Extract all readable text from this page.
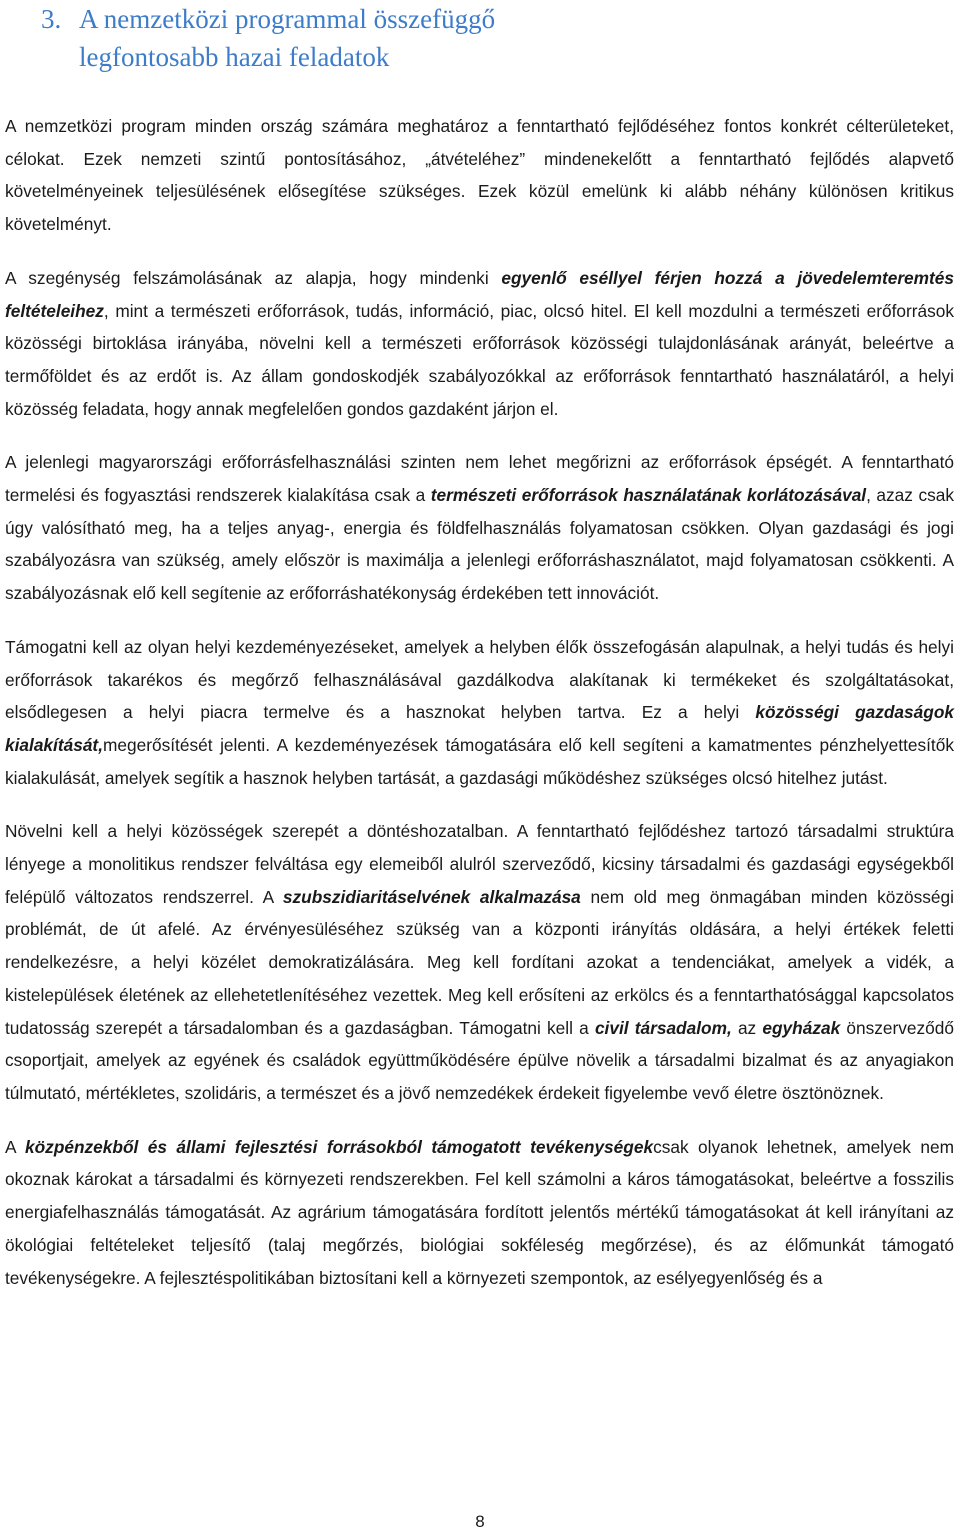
3. A nemzetközi programmal összefüggő
legfontosabb hazai feladatok

A nemzetközi program minden ország számára meghatároz a fenntartható fejlődéséhez fontos konkrét célterületeket, célokat. Ezek nemzeti szintű pontosításához, „átvételéhez” mindenekelőtt a fenntartható fejlődés alapvető követelményeinek teljesülésének elősegítése szükséges. Ezek közül emelünk ki alább néhány különösen kritikus követelményt.

A szegénység felszámolásának az alapja, hogy mindenki egyenlő eséllyel férjen hozzá a jövedelemteremtés feltételeihez, mint a természeti erőforrások, tudás, információ, piac, olcsó hitel. El kell mozdulni a természeti erőforrások közösségi birtoklása irányába, növelni kell a természeti erőforrások közösségi tulajdonlásának arányát, beleértve a termőföldet és az erdőt is. Az állam gondoskodjék szabályozókkal az erőforrások fenntartható használatáról, a helyi közösség feladata, hogy annak megfelelően gondos gazdaként járjon el.

A jelenlegi magyarországi erőforrásfelhasználási szinten nem lehet megőrizni az erőforrások épségét. A fenntartható termelési és fogyasztási rendszerek kialakítása csak a természeti erőforrások használatának korlátozásával, azaz csak úgy valósítható meg, ha a teljes anyag-, energia és földfelhasználás folyamatosan csökken. Olyan gazdasági és jogi szabályozásra van szükség, amely először is maximálja a jelenlegi erőforráshasználatot, majd folyamatosan csökkenti. A szabályozásnak elő kell segítenie az erőforráshatékonyság érdekében tett innovációt.

Támogatni kell az olyan helyi kezdeményezéseket, amelyek a helyben élők összefogásán alapulnak, a helyi tudás és helyi erőforrások takarékos és megőrző felhasználásával gazdálkodva alakítanak ki termékeket és szolgáltatásokat, elsődlegesen a helyi piacra termelve és a hasznokat helyben tartva. Ez a helyi közösségi gazdaságok kialakítását,megerősítését jelenti. A kezdeményezések támogatására elő kell segíteni a kamatmentes pénzhelyettesítők kialakulását, amelyek segítik a hasznok helyben tartását, a gazdasági működéshez szükséges olcsó hitelhez jutást.

Növelni kell a helyi közösségek szerepét a döntéshozatalban. A fenntartható fejlődéshez tartozó társadalmi struktúra lényege a monolitikus rendszer felváltása egy elemeiből alulról szerveződő, kicsiny társadalmi és gazdasági egységekből felépülő változatos rendszerrel. A szubszidiaritáselvének alkalmazása nem old meg önmagában minden közösségi problémát, de út afelé. Az érvényesüléséhez szükség van a központi irányítás oldására, a helyi értékek feletti rendelkezésre, a helyi közélet demokratizálására. Meg kell fordítani azokat a tendenciákat, amelyek a vidék, a kistelepülések életének az ellehetetlenítéséhez vezettek. Meg kell erősíteni az erkölcs és a fenntarthatósággal kapcsolatos tudatosság szerepét a társadalomban és a gazdaságban. Támogatni kell a civil társadalom, az egyházak önszerveződő csoportjait, amelyek az egyének és családok együttműködésére épülve növelik a társadalmi bizalmat és az anyagiakon túlmutató, mértékletes, szolidáris, a természet és a jövő nemzedékek érdekeit figyelembe vevő életre ösztönöznek.

A közpénzekből és állami fejlesztési forrásokból támogatott tevékenységekcsak olyanok lehetnek, amelyek nem okoznak károkat a társadalmi és környezeti rendszerekben. Fel kell számolni a káros támogatásokat, beleértve a fosszilis energiafelhasználás támogatását. Az agrárium támogatására fordított jelentős mértékű támogatásokat át kell irányítani az ökológiai feltételeket teljesítő (talaj megőrzés, biológiai sokféleség megőrzése), és az élőmunkát támogató tevékenységekre. A fejlesztéspolitikában biztosítani kell a környezeti szempontok, az esélyegyenlőség és a

8
